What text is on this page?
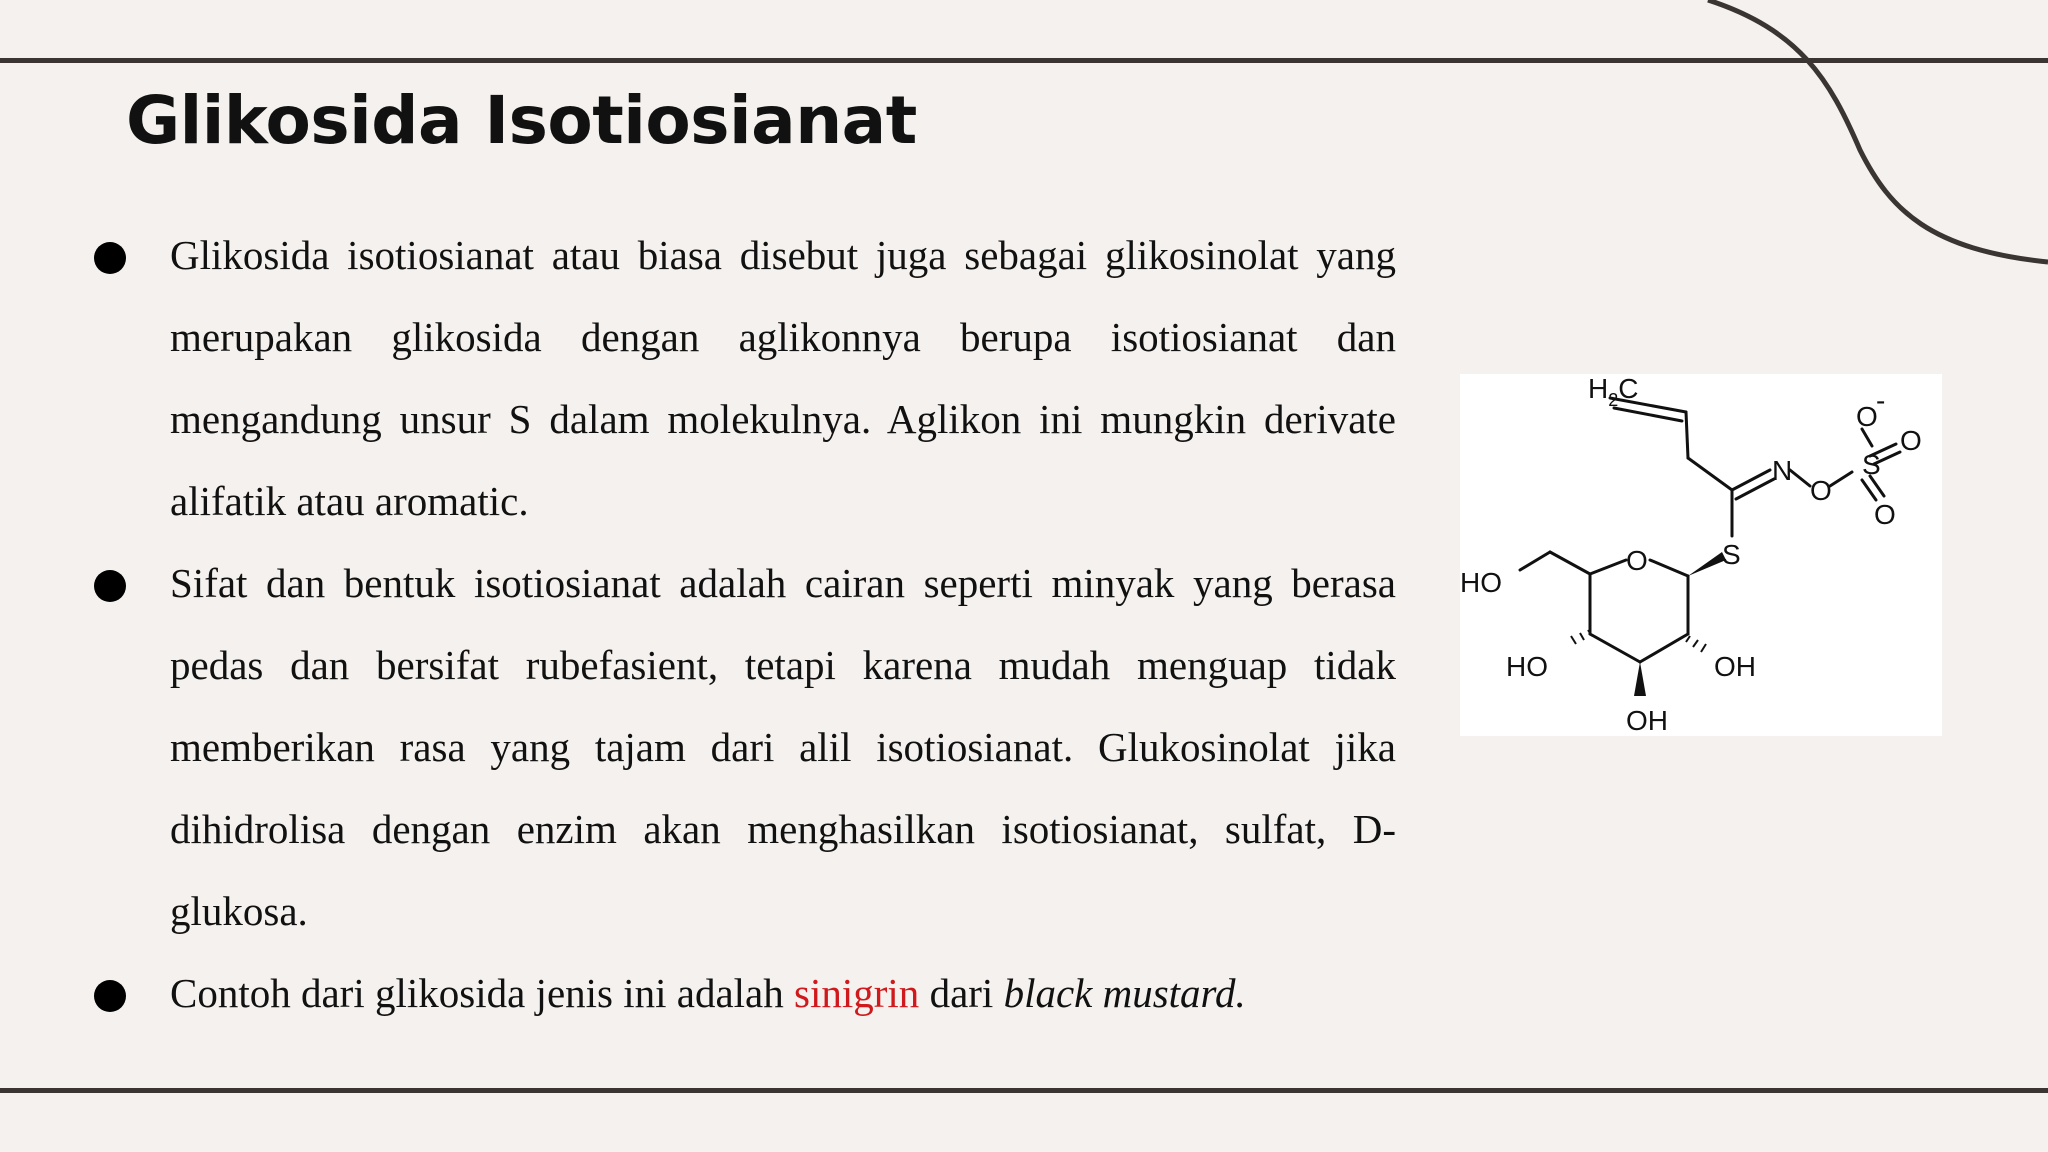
Glikosida Isotiosianat
Glikosida isotiosianat atau biasa disebut juga sebagai glikosinolat yang merupakan glikosida dengan aglikonnya berupa isotiosianat dan mengandung unsur S dalam molekulnya. Aglikon ini mungkin derivate alifatik atau aromatic.
Sifat dan bentuk isotiosianat adalah cairan seperti minyak yang berasa pedas dan bersifat rubefasient, tetapi karena mudah menguap tidak memberikan rasa yang tajam dari alil isotiosianat. Glukosinolat jika dihidrolisa dengan enzim akan menghasilkan isotiosianat, sulfat, D-glukosa.
Contoh dari glikosida jenis ini adalah sinigrin dari black mustard.
$H_2C$
O
-
O
O
S
N
O
S
O
HO
HO	OH
OH
